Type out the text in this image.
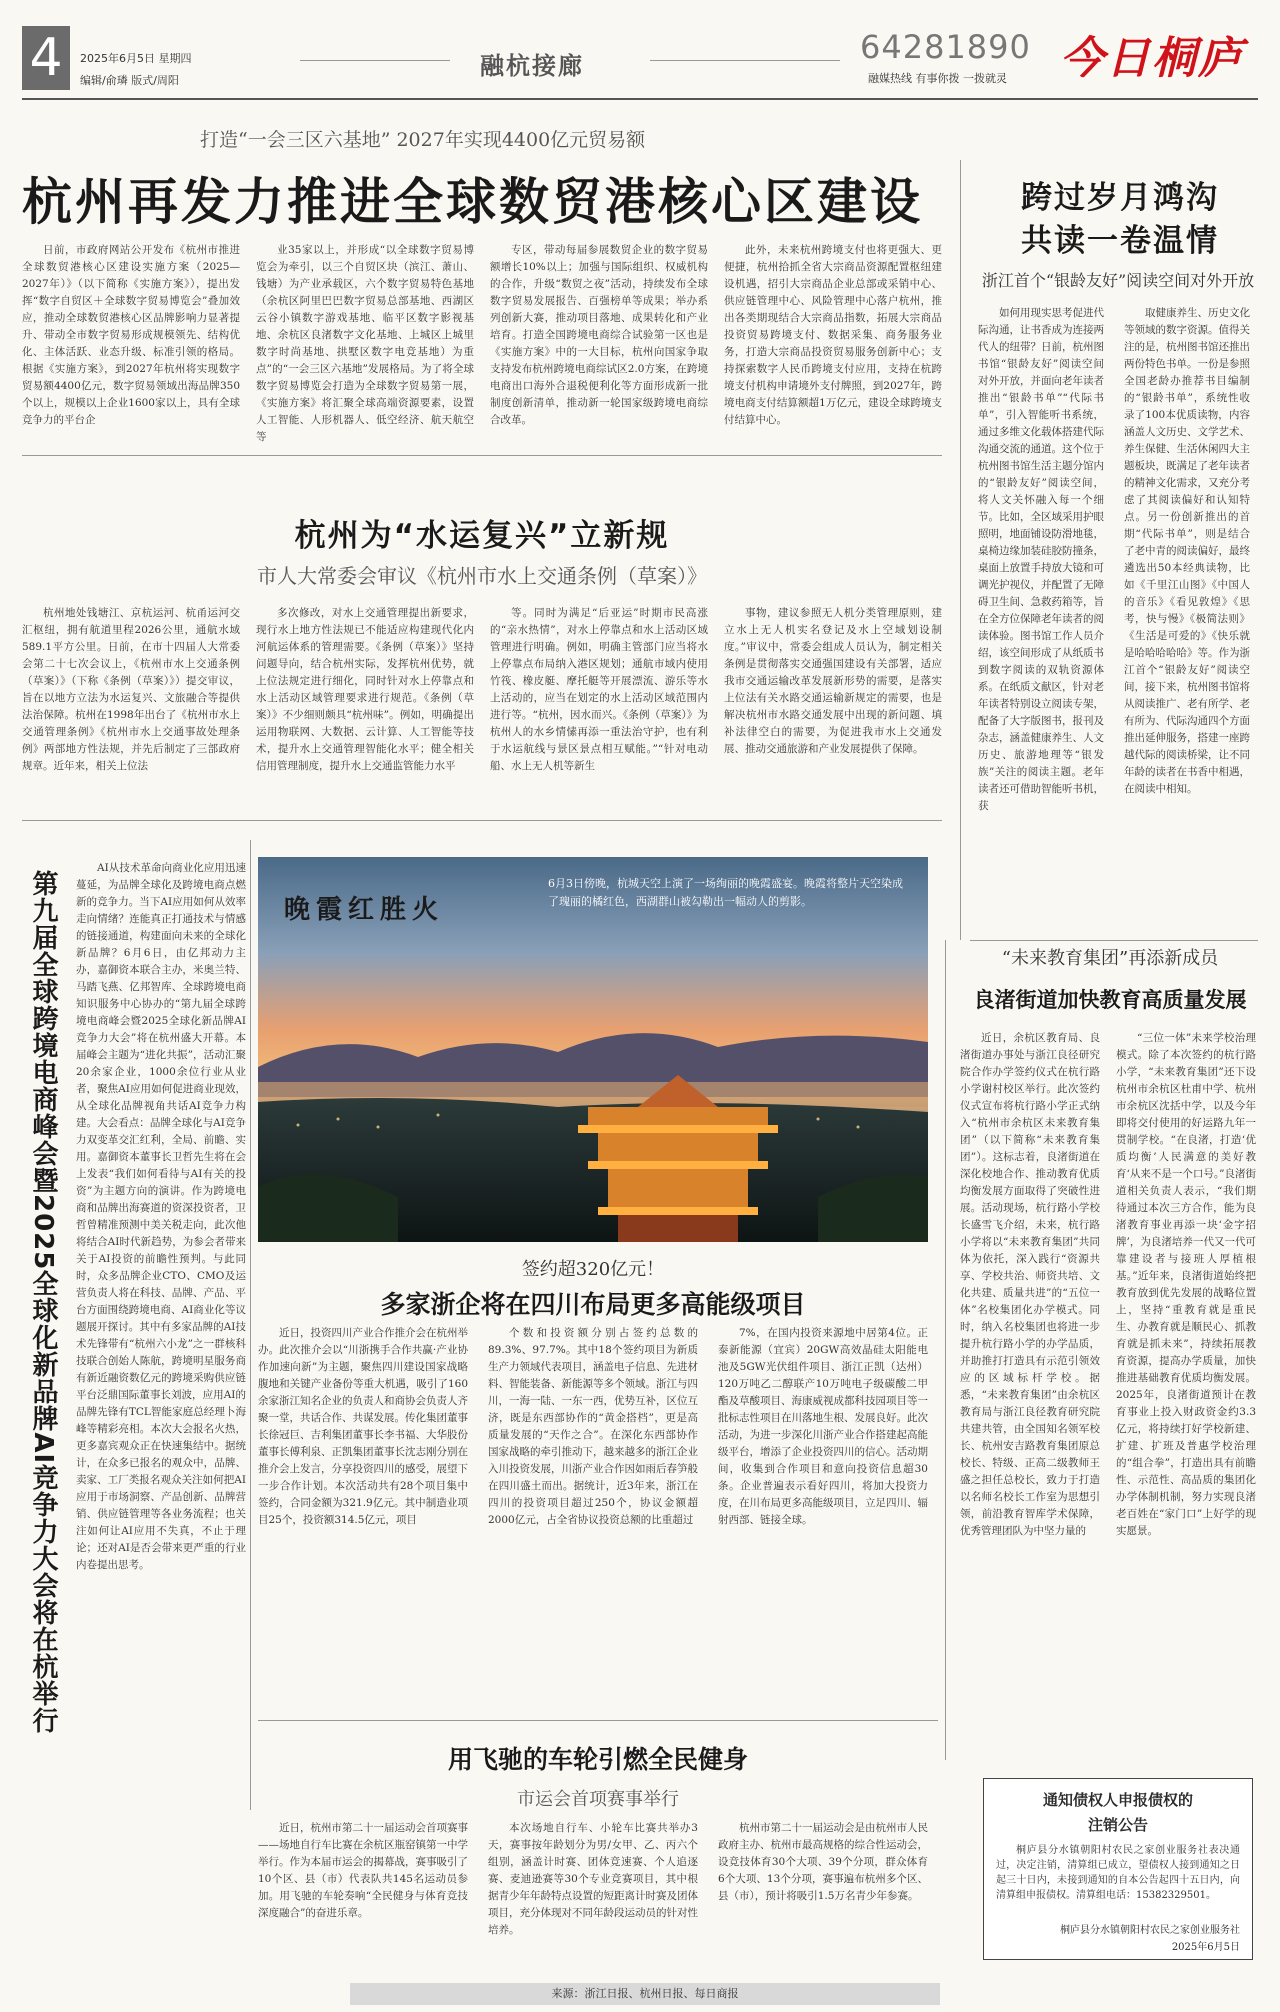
4	2025年6月5日 星期四
编辑/俞璘 版式/周阳
融杭接廊	64281890
融媒热线 有事你拨 一拨就灵 今日桐庐
打造“一会三区六基地” 2027年实现4400亿元贸易额
杭州再发力推进全球数贸港核心区建设
日前，市政府网站公开发布《杭州市推进全球数贸港核心区建设实施方案（2025—2027年）》（以下简称《实施方案》），提出发挥“数字自贸区＋全球数字贸易博览会”叠加效应，推动全球数贸港核心区品牌影响力显著提升、带动全市数字贸易形成规模领先、结构优化、主体活跃、业态升级、标准引领的格局。根据《实施方案》，到2027年杭州将实现数字贸易额4400亿元，数字贸易领域出海品牌350个以上，规模以上企业1600家以上，具有全球竞争力的平台企
业35家以上，并形成“以全球数字贸易博览会为牵引，以三个自贸区块（滨江、萧山、钱塘）为产业承载区，六个数字贸易特色基地（余杭区阿里巴巴数字贸易总部基地、西湖区云谷小镇数字游戏基地、临平区数字影视基地、余杭区良渚数字文化基地、上城区上城里数字时尚基地、拱墅区数字电竞基地）为重点”的“一会三区六基地”发展格局。为了将全球数字贸易博览会打造为全球数字贸易第一展，《实施方案》将汇聚全球高端资源要素，设置人工智能、人形机器人、低空经济、航天航空等
专区，带动每届参展数贸企业的数字贸易额增长10%以上；加强与国际组织、权威机构的合作，升级“数贸之夜”活动，持续发布全球数字贸易发展报告、百强榜单等成果；举办系列创新大赛，推动项目落地、成果转化和产业培育。打造全国跨境电商综合试验第一区也是《实施方案》中的一大目标，杭州向国家争取支持发布杭州跨境电商综试区2.0方案，在跨境电商出口海外合退税便利化等方面形成新一批制度创新清单，推动新一轮国家级跨境电商综合改革。
此外，未来杭州跨境支付也将更强大、更便捷，杭州拾抓全省大宗商品资源配置枢纽建设机遇，招引大宗商品企业总部或采销中心、供应链管理中心、风险管理中心落户杭州，推出各类期现结合大宗商品指数，拓展大宗商品投资贸易跨境支付、数据采集、商务服务业务，打造大宗商品投资贸易服务创新中心；支持探索数字人民币跨境支付应用，支持在杭跨境支付机构申请境外支付牌照，到2027年，跨境电商支付结算额超1万亿元，建设全球跨境支付结算中心。
跨过岁月鸿沟
共读一卷温情
浙江首个“银龄友好”阅读空间对外开放
如何用现实思考促进代际沟通，让书香成为连接两代人的纽带？日前，杭州图书馆“银龄友好”阅读空间对外开放，并面向老年读者推出“银龄书单”“代际书单”，引入智能听书系统，通过多维文化载体搭建代际沟通交流的通道。这个位于杭州图书馆生活主题分馆内的“银龄友好”阅读空间，将人文关怀融入每一个细节。比如，全区域采用护眼照明，地面铺设防滑地毯，桌椅边缘加装硅胶防撞条，桌面上放置手持放大镜和可调光护视仪，并配置了无障碍卫生间、急救药箱等，旨在全方位保障老年读者的阅读体验。图书馆工作人员介绍，该空间形成了从纸质书到数字阅读的双轨资源体系。在纸质文献区，针对老年读者特别设立阅读专架，配备了大字版图书，报刊及杂志，涵盖健康养生、人文历史、旅游地理等“银发族”关注的阅读主题。老年读者还可借助智能听书机，获
取健康养生、历史文化等领域的数字资源。值得关注的是，杭州图书馆还推出两份特色书单。一份是参照全国老龄办推荐书目编制的“银龄书单”，系统性收录了100本优质读物，内容涵盖人文历史、文学艺术、养生保健、生活休闲四大主题板块，既满足了老年读者的精神文化需求，又充分考虑了其阅读偏好和认知特点。另一份创新推出的首期“代际书单”，则是结合了老中青的阅读偏好，最终遴选出50本经典读物，比如《千里江山图》《中国人的音乐》《看见敦煌》《思考，快与慢》《极简法则》《生活是可爱的》《快乐就是哈哈哈哈哈》等。作为浙江首个“银龄友好”阅读空间，接下来，杭州图书馆将从阅读推广、老有所学、老有所为、代际沟通四个方面推出延伸服务，搭建一座跨越代际的阅读桥梁，让不同年龄的读者在书香中相遇，在阅读中相知。
杭州为“水运复兴”立新规
市人大常委会审议《杭州市水上交通条例（草案）》
杭州地处钱塘江、京杭运河、杭甬运河交汇枢纽，拥有航道里程2026公里，通航水域589.1平方公里。日前，在市十四届人大常委会第二十七次会议上，《杭州市水上交通条例（草案）》（下称《条例（草案）》）提交审议，旨在以地方立法为水运复兴、文旅融合等提供法治保障。杭州在1998年出台了《杭州市水上交通管理条例》《杭州市水上交通事故处理条例》两部地方性法规，并先后制定了三部政府规章。近年来，相关上位法
多次修改，对水上交通管理提出新要求，现行水上地方性法规已不能适应构建现代化内河航运体系的管理需要。《条例（草案）》坚持问题导向，结合杭州实际，发挥杭州优势，就上位法规定进行细化，同时针对水上停靠点和水上活动区域管理要求进行规范。《条例（草案）》不少细则颇具“杭州味”。例如，明确提出运用物联网、大数据、云计算、人工智能等技术，提升水上交通管理智能化水平；健全相关信用管理制度，提升水上交通监管能力水平
等。同时为满足“后亚运”时期市民高涨的“亲水热情”，对水上停靠点和水上活动区域管理进行明确。例如，明确主管部门应当将水上停靠点布局纳入港区规划；通航市域内使用竹筏、橡皮艇、摩托艇等开展漂流、游乐等水上活动的，应当在划定的水上活动区域范围内进行等。“杭州，因水而兴。《条例（草案）》为杭州人的水乡情愫再添一重法治守护，也有利于水运航线与景区景点相互赋能。”“针对电动船、水上无人机等新生
事物，建议参照无人机分类管理原则，建立水上无人机实名登记及水上空域划设制度。”审议中，常委会组成人员认为，制定相关条例是贯彻落实交通强国建设有关部署，适应我市交通运输改革发展新形势的需要，是落实上位法有关水路交通运输新规定的需要，也是解决杭州市水路交通发展中出现的新问题、填补法律空白的需要，为促进我市水上交通发展、推动交通旅游和产业发展提供了保障。
第九届全球跨境电商峰会暨2025全球化新品牌AI竞争力大会将在杭举行
AI从技术革命向商业化应用迅速蔓延，为品牌全球化及跨境电商点燃新的竞争力。当下AI应用如何从效率走向情绪？连能真正打通技术与情感的链接通道，构建面向未来的全球化新品牌？6月6日，由亿邦动力主办，嘉御资本联合主办，米奥兰特、马踏飞燕、亿邦智库、全球跨境电商知识服务中心协办的“第九届全球跨境电商峰会暨2025全球化新品牌AI竞争力大会”将在杭州盛大开幕。本届峰会主题为“进化共振”，活动汇聚20余家企业，1000余位行业从业者，聚焦AI应用如何促进商业现效，从全球化品牌视角共话AI竞争力构建。大会看点：品牌全球化与AI竞争力双变革交汇红利，全局、前瞻、实用。嘉御资本董事长卫哲先生将在会上发表“我们如何看待与AI有关的投资”为主题方向的演讲。作为跨境电商和品牌出海赛道的资深投资者，卫哲曾精准预测中美关税走向，此次他将结合AI时代新趋势，为参会者带来关于AI投资的前瞻性预判。与此同时，众多品牌企业CTO、CMO及运营负责人将在科技、品牌、产品、平台方面围绕跨境电商、AI商业化等议题展开探讨。其中有多家品牌的AI技术先锋带有“杭州六小龙”之一群核科技联合创始人陈航，跨境明星服务商有新近融资数亿元的跨境采购供应链平台泛鼎国际董事长刘波，应用AI的品牌先锋有TCL智能家庭总经理卜海峰等精彩亮相。本次大会报名火热，更多嘉宾观众正在快速集结中。据统计，在众多已报名的观众中，品牌、卖家、工厂类报名观众关注如何把AI应用于市场洞察、产品创新、品牌营销、供应链管理等各业务流程；也关注如何让AI应用不失真，不止于理论；还对AI是否会带来更严重的行业内卷提出思考。
晚霞红胜火
6月3日傍晚，杭城天空上演了一场绚丽的晚霞盛宴。晚霞将整片天空染成了瑰丽的橘红色，西湖群山被勾勒出一幅动人的剪影。
签约超320亿元！
多家浙企将在四川布局更多高能级项目
近日，投资四川产业合作推介会在杭州举办。此次推介会以“川浙携手合作共赢·产业协作加速向新”为主题，聚焦四川建设国家战略腹地和关键产业备份等重大机遇，吸引了160余家浙江知名企业的负责人和商协会负责人齐聚一堂，共话合作、共谋发展。传化集团董事长徐冠巨、吉利集团董事长李书福、大华股份董事长傅利泉、正凯集团董事长沈志刚分别在推介会上发言，分享投资四川的感受，展望下一步合作计划。本次活动共有28个项目集中签约，合同金额为321.9亿元。其中制造业项目25个，投资额314.5亿元，项目
个数和投资额分别占签约总数的89.3%、97.7%。其中18个签约项目为新质生产力领域代表项目，涵盖电子信息、先进材料、智能装备、新能源等多个领域。浙江与四川，一海一陆、一东一西，优势互补，区位互济，既是东西部协作的“黄金搭档”，更是高质量发展的“天作之合”。在深化东西部协作国家战略的牵引推动下，越来越多的浙江企业入川投资发展，川浙产业合作因如雨后春笋般在四川盛土而出。据统计，近3年来，浙江在四川的投资项目超过250个，协议金额超2000亿元，占全省协议投资总额的比重超过
7%，在国内投资来源地中居第4位。正泰新能源（宜宾）20GW高效晶硅太阳能电池及5GW光伏组件项目、浙江正凯（达州）120万吨乙二醇联产10万吨电子级碳酸二甲酯及草酸项目、海康威视成都科技园项目等一批标志性项目在川落地生根、发展良好。此次活动，为进一步深化川浙产业合作搭建起高能级平台，增添了企业投资四川的信心。活动期间，收集到合作项目和意向投资信息超30条。企业普遍表示看好四川，将加大投资力度，在川布局更多高能级项目，立足四川、辐射西部、链接全球。
“未来教育集团”再添新成员
良渚街道加快教育高质量发展
近日，余杭区教育局、良渚街道办事处与浙江良径研究院合作办学签约仪式在杭行路小学谢村校区举行。此次签约仪式宣布将杭行路小学正式纳入“杭州市余杭区未来教育集团”（以下简称“未来教育集团”）。这标志着，良渚街道在深化校地合作、推动教育优质均衡发展方面取得了突破性进展。活动现场，杭行路小学校长盛雪飞介绍，未来，杭行路小学将以“未来教育集团”共同体为依托，深入践行“资源共享、学校共治、师资共培、文化共建、质量共进”的“五位一体”名校集团化办学模式。同时，纳入名校集团也将进一步提升杭行路小学的办学品质，并助推打打造具有示范引领效应的区域标杆学校。据悉，“未来教育集团”由余杭区教育局与浙江良径教育研究院共建共管，由全国知名领军校长、杭州安吉路教育集团原总校长、特级、正高二级教师王盛之担任总校长，致力于打造以名师名校长工作室为思想引领，前沿教育智库学术保障，优秀管理团队为中坚力量的
“三位一体”未来学校治理模式。除了本次签约的杭行路小学，“未来教育集团”还下设杭州市余杭区杜甫中学、杭州市余杭区沈括中学，以及今年即将交付使用的好运路九年一贯制学校。“在良渚，打造‘优质均衡’人民满意的美好教育‘从来不是一个口号。”良渚街道相关负责人表示，“我们期待通过本次三方合作，能为良渚教育事业再添一块‘金字招牌’，为良渚培养一代又一代可靠建设者与接班人厚植根基。”近年来，良渚街道始终把教育放到优先发展的战略位置上，坚持“重教育就是重民生、办教育就是顺民心、抓教育就是抓未来”，持续拓展教育资源，提高办学质量，加快推进基础教育优质均衡发展。2025年，良渚街道预计在教育事业上投入财政资金约3.3亿元，将持续打好学校新建、扩建、扩班及普惠学校治理的“组合拳”，打造出具有前瞻性、示范性、高品质的集团化办学体制机制，努力实现良渚老百姓在“家门口”上好学的现实愿景。
用飞驰的车轮引燃全民健身
市运会首项赛事举行
近日，杭州市第二十一届运动会首项赛事——场地自行车比赛在余杭区瓶窑镇第一中学举行。作为本届市运会的揭幕战，赛事吸引了10个区、县（市）代表队共145名运动员参加。用飞驰的车轮奏响“全民健身与体育竞技深度融合”的奋进乐章。
本次场地自行车、小轮车比赛共举办3天，赛事按年龄划分为男/女甲、乙、丙六个组别，涵盖计时赛、团体竞速赛、个人追逐赛、麦迪逊赛等30个专业竞赛项目，其中根据青少年年龄特点设置的短距离计时赛及团体项目，充分体现对不同年龄段运动员的针对性培养。
杭州市第二十一届运动会是由杭州市人民政府主办、杭州市最高规格的综合性运动会，设竞技体育30个大项、39个分项，群众体育6个大项、13个分项，赛事遍布杭州多个区、县（市），预计将吸引1.5万名青少年参赛。
通知债权人申报债权的
注销公告
桐庐县分水镇朝阳村农民之家创业服务社表决通过，决定注销，清算组已成立，望债权人接到通知之日起三十日内，未接到通知的自本公告起四十五日内，向清算组申报债权。清算组电话：15382329501。
桐庐县分水镇朝阳村农民之家创业服务社
2025年6月5日
来源：浙江日报、杭州日报、每日商报
